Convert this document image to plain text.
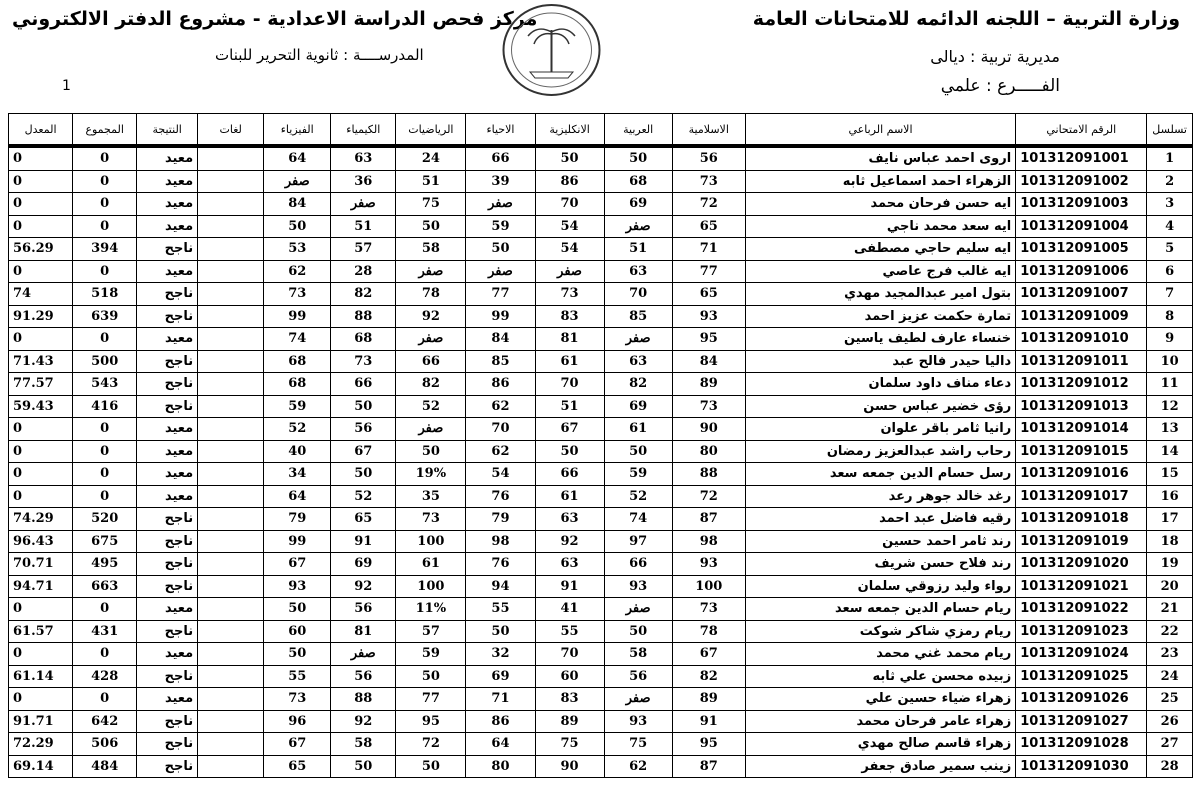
وزارة التربية – اللجنه الدائمه للامتحانات العامة
مديرية تربية : ديالى
الفـــــرع : علمي
مركز فحص الدراسة الاعدادية - مشروع الدفتر الالكتروني
المدرســــة : ثانوية التحرير للبنات
1
تسلسل	الرقم الامتحاني	الاسم الرباعي	الاسلامية	العربية	الانكليزية	الاحياء	الرياضيات	الكيمياء	الفيزياء	لغات	النتيجة	المجموع	المعدل
1	101312091001	اروى احمد عباس نايف	56	50	50	66	24	63	64		معيد	0	0
2	101312091002	الزهراء احمد اسماعيل ثابه	73	68	86	39	51	36	صفر		معيد	0	0
3	101312091003	ايه حسن فرحان محمد	72	69	70	صفر	75	صفر	84		معيد	0	0
4	101312091004	ايه سعد محمد ناجي	65	صفر	54	59	50	51	50		معيد	0	0
5	101312091005	ايه سليم حاجي مصطفى	71	51	54	50	58	57	53		ناجح	394	56.29
6	101312091006	ايه غالب فرج عاصي	77	63	صفر	صفر	صفر	28	62		معيد	0	0
7	101312091007	بتول امير عبدالمجيد مهدي	65	70	73	77	78	82	73		ناجح	518	74
8	101312091009	تمارة حكمت عزيز احمد	93	85	83	99	92	88	99		ناجح	639	91.29
9	101312091010	خنساء عارف لطيف ياسين	95	صفر	81	84	صفر	68	74		معيد	0	0
10	101312091011	داليا حيدر فالح عبد	84	63	61	85	66	73	68		ناجح	500	71.43
11	101312091012	دعاء مناف داود سلمان	89	82	70	86	82	66	68		ناجح	543	77.57
12	101312091013	رؤى خضير عباس حسن	73	69	51	62	52	50	59		ناجح	416	59.43
13	101312091014	رانيا ثامر باقر علوان	90	61	67	70	صفر	56	52		معيد	0	0
14	101312091015	رحاب راشد عبدالعزيز رمضان	80	50	50	62	50	67	40		معيد	0	0
15	101312091016	رسل حسام الدين جمعه سعد	88	59	66	54	19%	50	34		معيد	0	0
16	101312091017	رغد خالد جوهر رعد	72	52	61	76	35	52	64		معيد	0	0
17	101312091018	رقيه فاضل عبد احمد	87	74	63	79	73	65	79		ناجح	520	74.29
18	101312091019	رند ثامر احمد حسين	98	97	92	98	100	91	99		ناجح	675	96.43
19	101312091020	رند فلاح حسن شريف	93	66	63	76	61	69	67		ناجح	495	70.71
20	101312091021	رواء وليد رزوقي سلمان	100	93	91	94	100	92	93		ناجح	663	94.71
21	101312091022	ريام حسام الدين جمعه سعد	73	صفر	41	55	11%	56	50		معيد	0	0
22	101312091023	ريام رمزي شاكر شوكت	78	50	55	50	57	81	60		ناجح	431	61.57
23	101312091024	ريام محمد غني محمد	67	58	70	32	59	صفر	50		معيد	0	0
24	101312091025	زبيده محسن علي ثابه	82	56	60	69	50	56	55		ناجح	428	61.14
25	101312091026	زهراء ضياء حسين علي	89	صفر	83	71	77	88	73		معيد	0	0
26	101312091027	زهراء عامر فرحان محمد	91	93	89	86	95	92	96		ناجح	642	91.71
27	101312091028	زهراء قاسم صالح مهدي	95	75	75	64	72	58	67		ناجح	506	72.29
28	101312091030	زينب سمير صادق جعفر	87	62	90	80	50	50	65		ناجح	484	69.14
